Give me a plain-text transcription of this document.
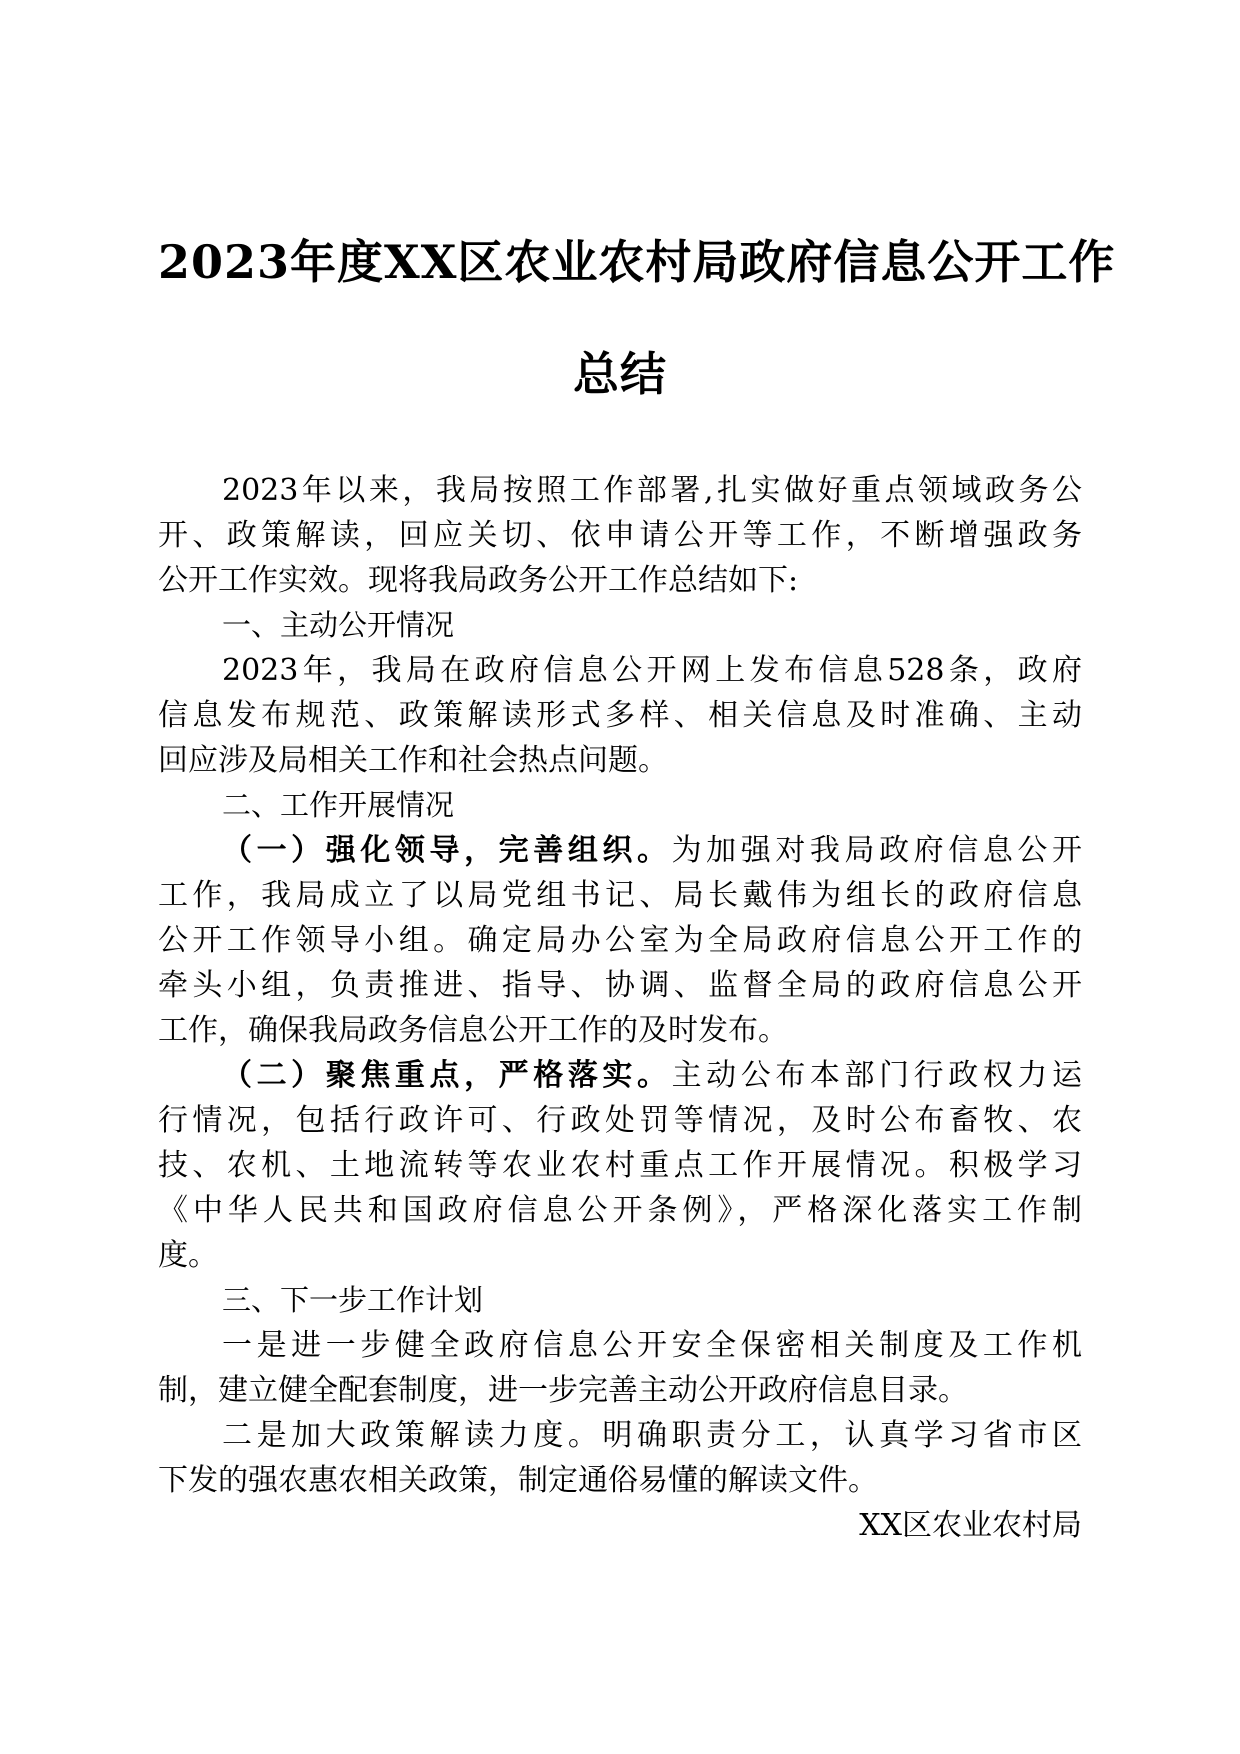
2023年度XX区农业农村局政府信息公开工作
总结
2023年以来，我局按照工作部署,扎实做好重点领域政务公
开、政策解读，回应关切、依申请公开等工作，不断增强政务
公开工作实效。现将我局政务公开工作总结如下:
一、主动公开情况
2023年，我局在政府信息公开网上发布信息528条，政府
信息发布规范、政策解读形式多样、相关信息及时准确、主动
回应涉及局相关工作和社会热点问题。
二、工作开展情况
（一）强化领导，完善组织。为加强对我局政府信息公开
工作，我局成立了以局党组书记、局长戴伟为组长的政府信息
公开工作领导小组。确定局办公室为全局政府信息公开工作的
牵头小组，负责推进、指导、协调、监督全局的政府信息公开
工作，确保我局政务信息公开工作的及时发布。
（二）聚焦重点，严格落实。主动公布本部门行政权力运
行情况，包括行政许可、行政处罚等情况，及时公布畜牧、农
技、农机、土地流转等农业农村重点工作开展情况。积极学习
《中华人民共和国政府信息公开条例》，严格深化落实工作制
度。
三、下一步工作计划
一是进一步健全政府信息公开安全保密相关制度及工作机
制，建立健全配套制度，进一步完善主动公开政府信息目录。
二是加大政策解读力度。明确职责分工，认真学习省市区
下发的强农惠农相关政策，制定通俗易懂的解读文件。
XX区农业农村局
